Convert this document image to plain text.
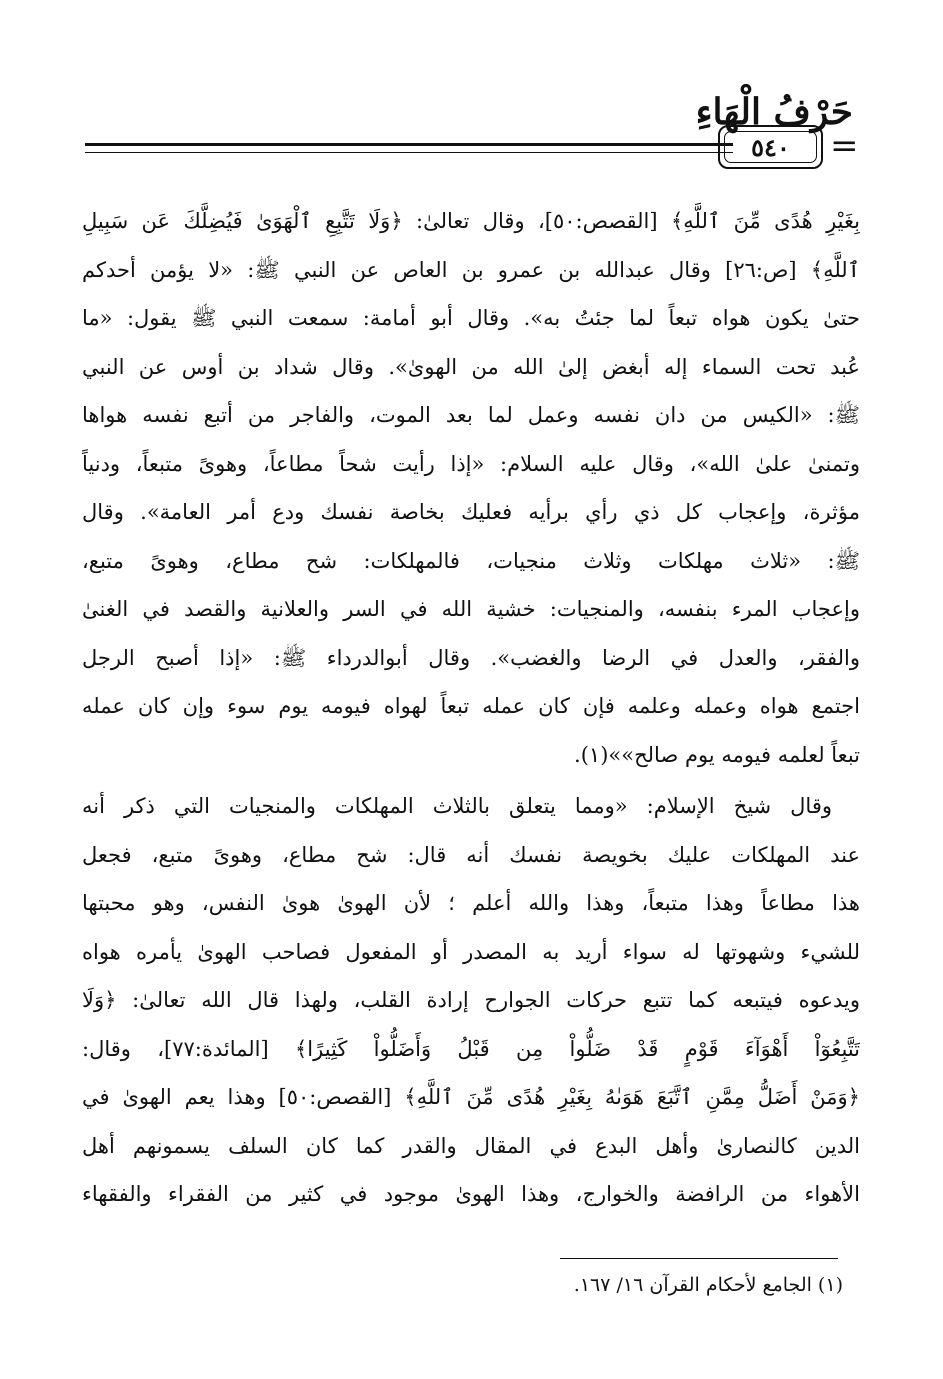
حَرْفُ الْهَاءِ
٥٤٠	=
بِغَيْرِ هُدًى مِّنَ ٱللَّهِ﴾ [القصص:٥٠]، وقال تعالىٰ: ﴿وَلَا تَتَّبِعِ ٱلْهَوَىٰ فَيُضِلَّكَ عَن سَبِيلِ
ٱللَّهِ﴾ [ص:٢٦] وقال عبدالله بن عمرو بن العاص عن النبي ﷺ: «لا يؤمن أحدكم
حتىٰ يكون هواه تبعاً لما جئتُ به». وقال أبو أمامة: سمعت النبي ﷺ يقول: «ما
عُبد تحت السماء إله أبغض إلىٰ الله من الهوىٰ». وقال شداد بن أوس عن النبي
ﷺ: «الكيس من دان نفسه وعمل لما بعد الموت، والفاجر من أتبع نفسه هواها
وتمنىٰ علىٰ الله»، وقال عليه السلام: «إذا رأيت شحاً مطاعاً، وهوىً متبعاً، ودنياً
مؤثرة، وإعجاب كل ذي رأي برأيه فعليك بخاصة نفسك ودع أمر العامة». وقال
ﷺ: «ثلاث مهلكات وثلاث منجيات، فالمهلكات: شح مطاع، وهوىً متبع،
وإعجاب المرء بنفسه، والمنجيات: خشية الله في السر والعلانية والقصد في الغنىٰ
والفقر، والعدل في الرضا والغضب». وقال أبوالدرداء ﷺ: «إذا أصبح الرجل
اجتمع هواه وعمله وعلمه فإن كان عمله تبعاً لهواه فيومه يوم سوء وإن كان عمله
تبعاً لعلمه فيومه يوم صالح»»(١).
وقال شيخ الإسلام: «ومما يتعلق بالثلاث المهلكات والمنجيات التي ذكر أنه
عند المهلكات عليك بخويصة نفسك أنه قال: شح مطاع، وهوىً متبع، فجعل
هذا مطاعاً وهذا متبعاً، وهذا والله أعلم ؛ لأن الهوىٰ هوىٰ النفس، وهو محبتها
للشيء وشهوتها له سواء أريد به المصدر أو المفعول فصاحب الهوىٰ يأمره هواه
ويدعوه فيتبعه كما تتبع حركات الجوارح إرادة القلب، ولهذا قال الله تعالىٰ: ﴿وَلَا
تَتَّبِعُوٓاْ أَهْوَآءَ قَوْمٍ قَدْ ضَلُّواْ مِن قَبْلُ وَأَضَلُّواْ كَثِيرًا﴾ [المائدة:٧٧]، وقال:
﴿وَمَنْ أَضَلُّ مِمَّنِ ٱتَّبَعَ هَوَىٰهُ بِغَيْرِ هُدًى مِّنَ ٱللَّهِ﴾ [القصص:٥٠] وهذا يعم الهوىٰ في
الدين كالنصارىٰ وأهل البدع في المقال والقدر كما كان السلف يسمونهم أهل
الأهواء من الرافضة والخوارج، وهذا الهوىٰ موجود في كثير من الفقراء والفقهاء
(١) الجامع لأحكام القرآن ١٦/ ١٦٧.
